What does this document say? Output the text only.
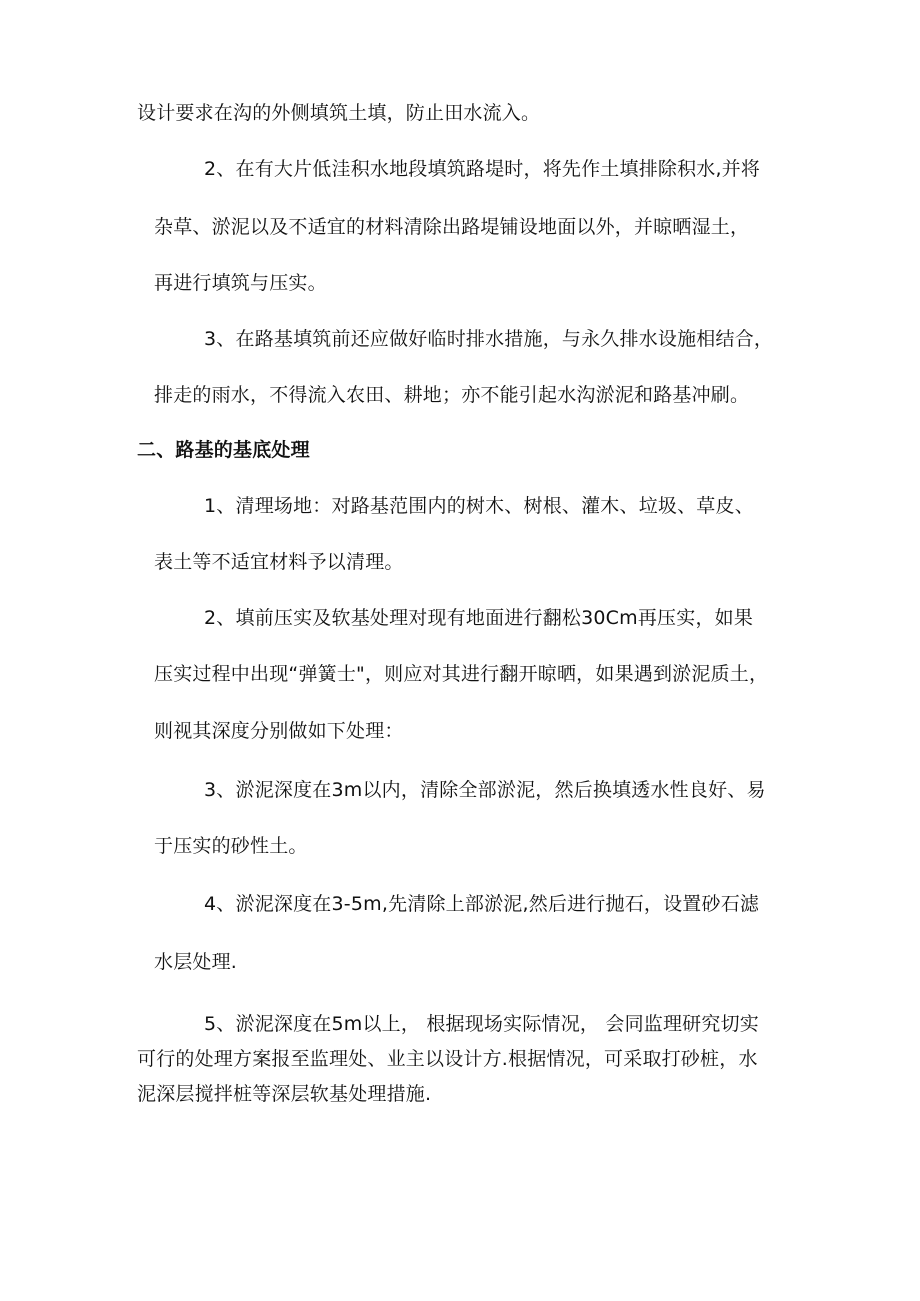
设计要求在沟的外侧填筑土填，防止田水流入。
2、在有大片低洼积水地段填筑路堤时，将先作土填排除积水,并将
杂草、淤泥以及不适宜的材料清除出路堤铺设地面以外，并晾晒湿土，
再进行填筑与压实。
3、在路基填筑前还应做好临时排水措施，与永久排水设施相结合，
排走的雨水，不得流入农田、耕地；亦不能引起水沟淤泥和路基冲刷。
二、路基的基底处理
1、清理场地：对路基范围内的树木、树根、灌木、垃圾、草皮、
表土等不适宜材料予以清理。
2、填前压实及软基处理对现有地面进行翻松30Cm再压实，如果
压实过程中出现“弹簧士"，则应对其进行翻开晾晒，如果遇到淤泥质土，
则视其深度分别做如下处理：
3、淤泥深度在3m以内，清除全部淤泥，然后换填透水性良好、易
于压实的砂性土。
4、淤泥深度在3-5m,先清除上部淤泥,然后进行抛石，设置砂石滤
水层处理.
5、淤泥深度在5m以上， 根据现场实际情况， 会同监理研究切实
可行的处理方案报至监理处、业主以设计方.根据情况，可采取打砂桩，水
泥深层搅拌桩等深层软基处理措施.
